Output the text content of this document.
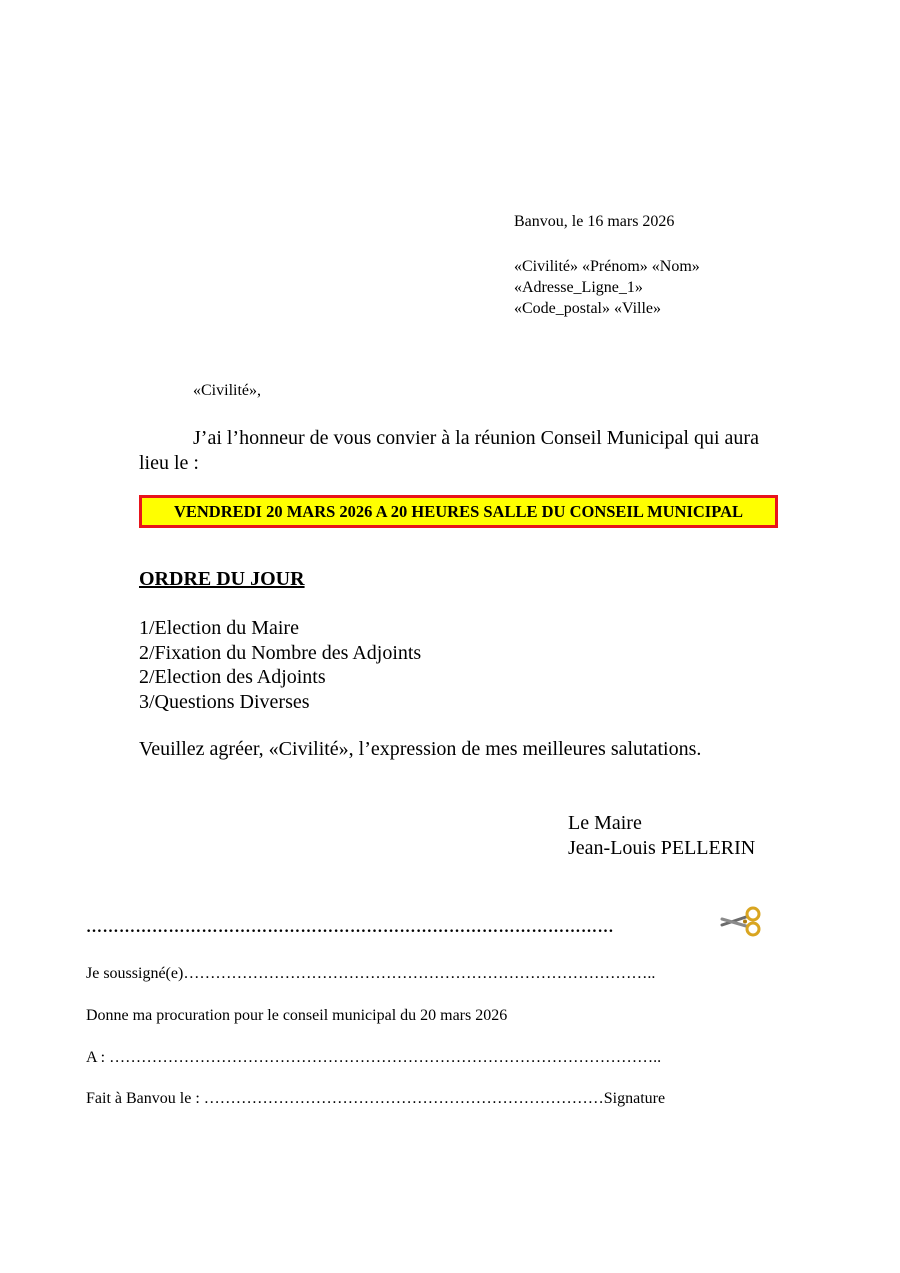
Banvou, le 16 mars 2026
«Civilité» «Prénom» «Nom»
«Adresse_Ligne_1»
«Code_postal» «Ville»
«Civilité»,
J’ai l’honneur de vous convier à la réunion Conseil Municipal qui aura
lieu le :
VENDREDI 20 MARS 2026 A 20 HEURES SALLE DU CONSEIL MUNICIPAL
ORDRE DU JOUR
1/Election du Maire
2/Fixation du Nombre des Adjoints
2/Election des Adjoints
3/Questions Diverses
Veuillez agréer, «Civilité», l’expression de mes meilleures salutations.
Le Maire
Jean-Louis PELLERIN
……………………………………………………………………………………
Je soussigné(e)……………………………………………………………………………..
Donne ma procuration pour le conseil municipal du 20 mars 2026
A : …………………………………………………………………………………………..
Fait à Banvou le : …………………………………………………………………Signature
